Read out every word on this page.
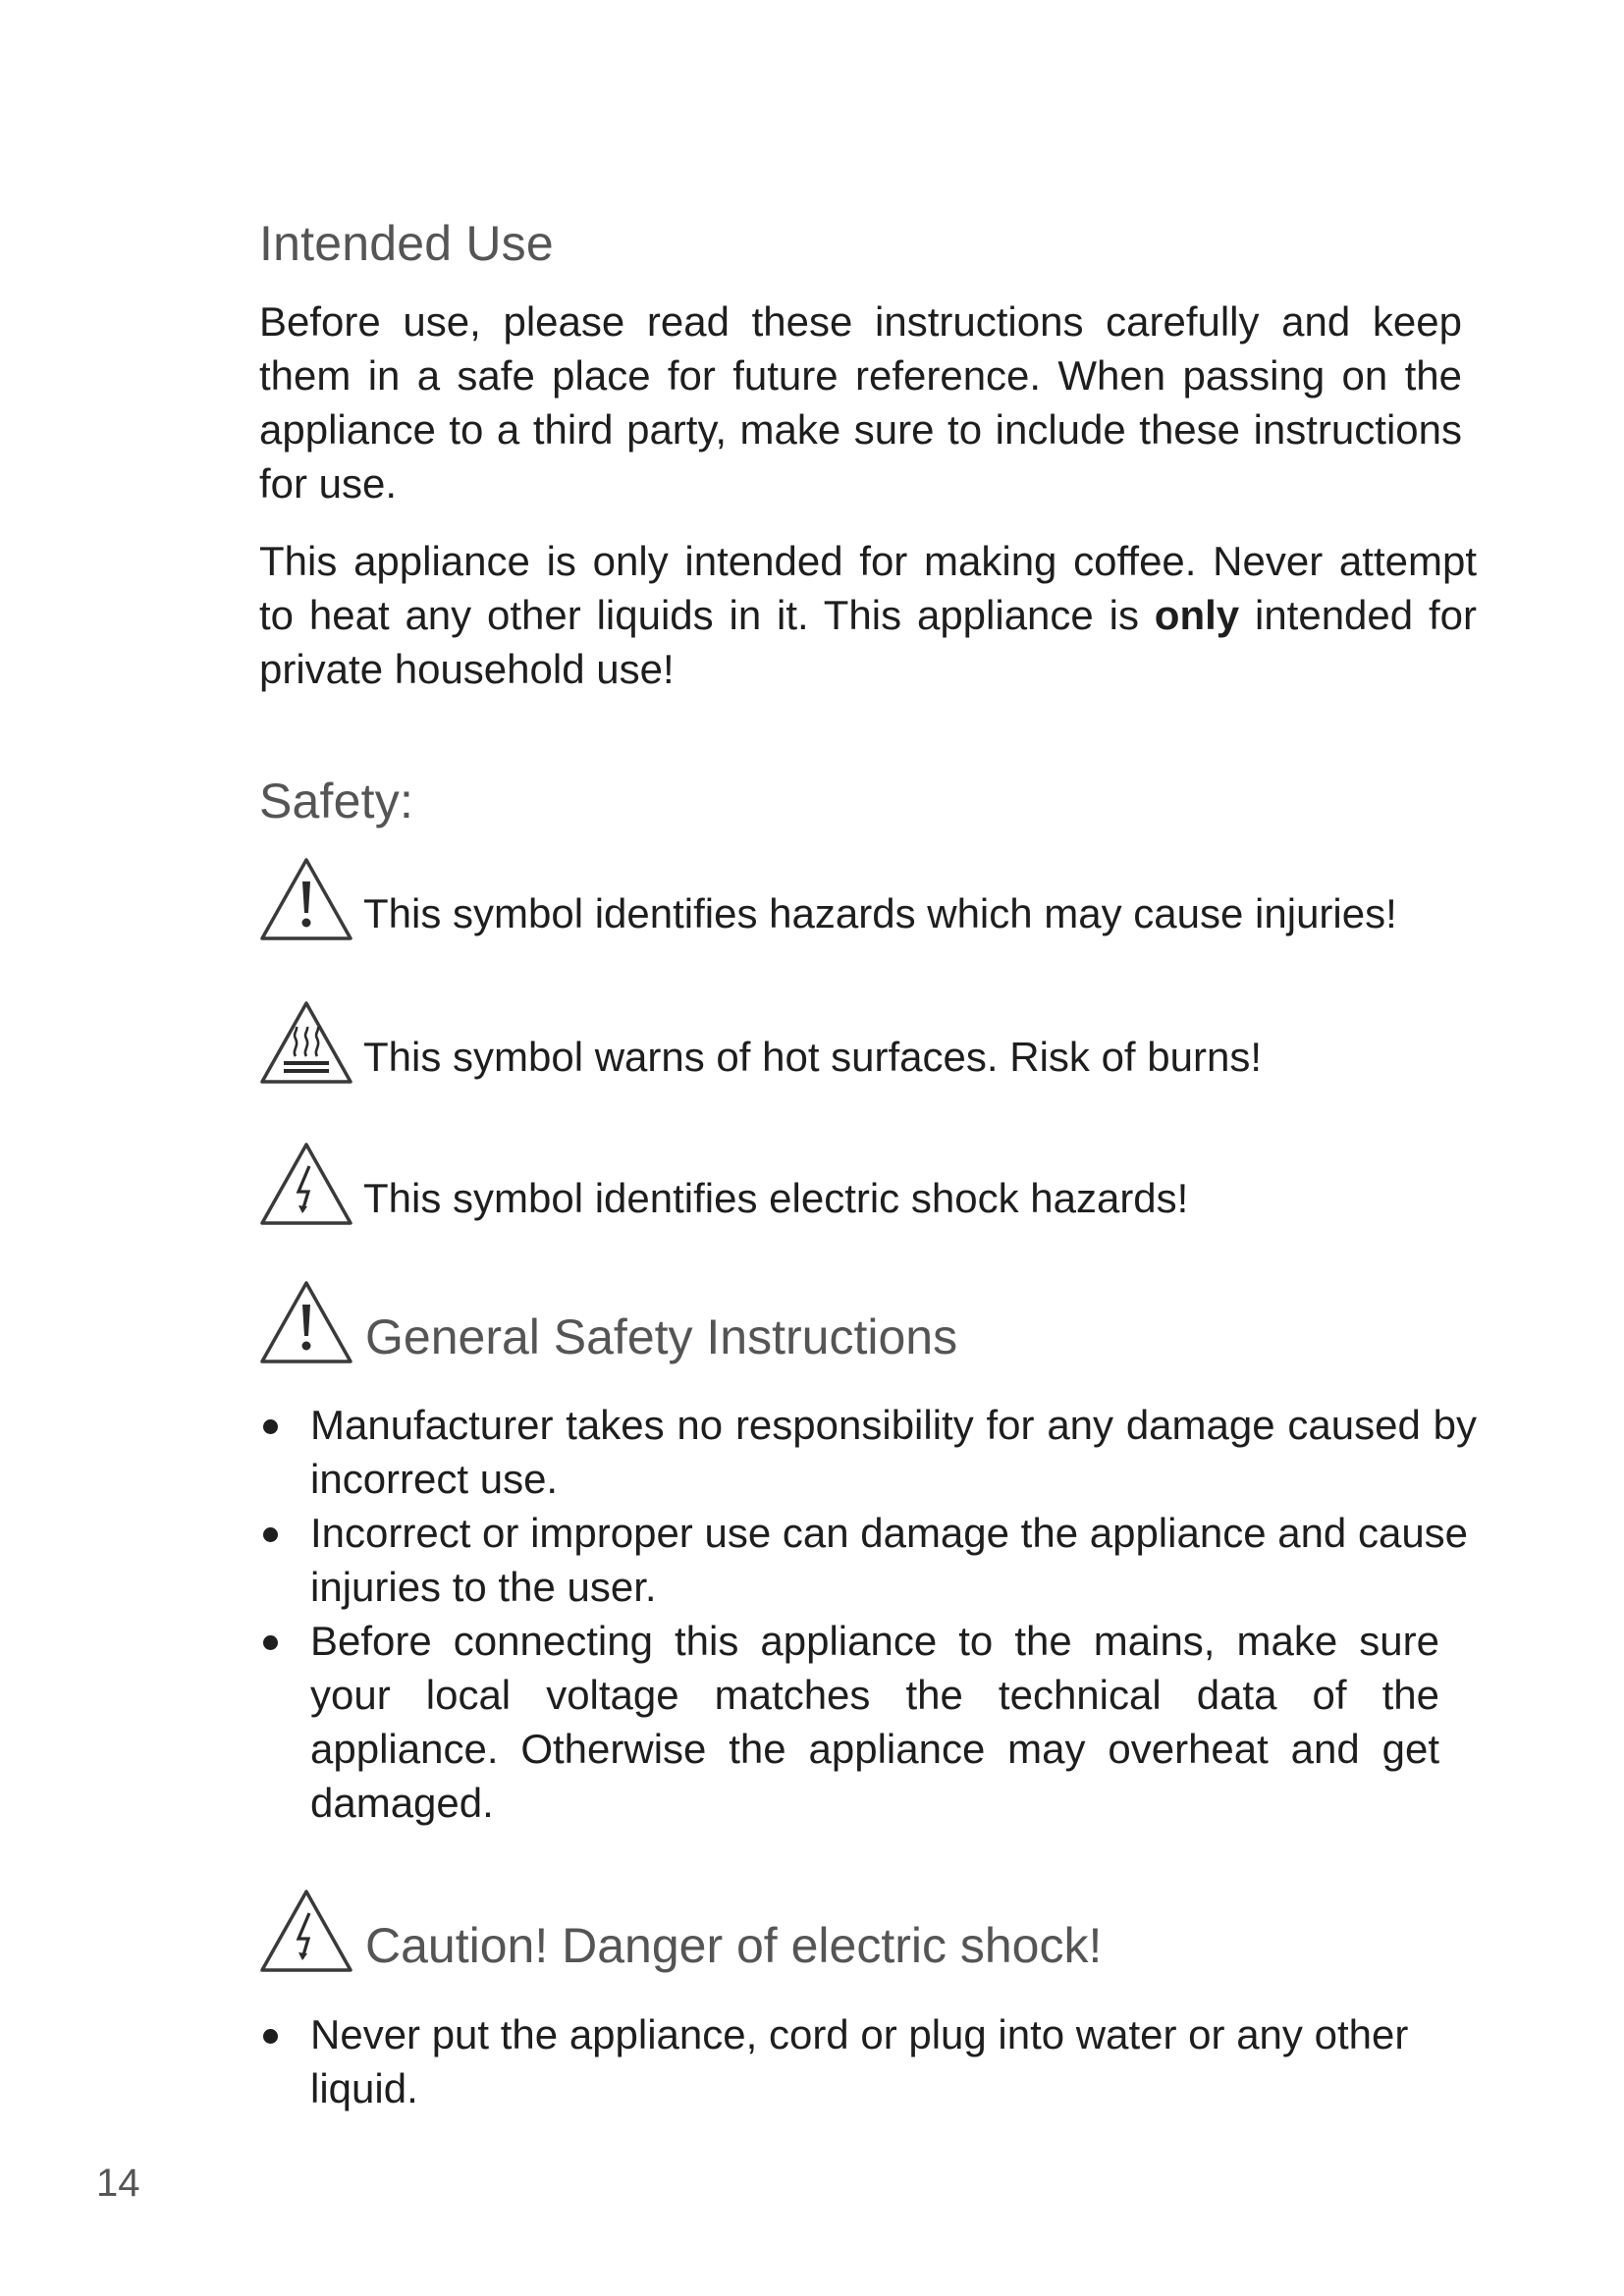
Intended Use

Before use, please read these instructions carefully and keep them in a safe place for future reference. When passing on the appliance to a third party, make sure to include these instructions for use.

This appliance is only intended for making coffee. Never attempt to heat any other liquids in it. This appliance is only intended for private household use!

Safety:
This symbol identifies hazards which may cause injuries!
This symbol warns of hot surfaces. Risk of burns!
This symbol identifies electric shock hazards!
General Safety Instructions
Manufacturer takes no responsibility for any damage caused by incorrect use.
Incorrect or improper use can damage the appliance and cause injuries to the user.
Before connecting this appliance to the mains, make sure your local voltage matches the technical data of the appliance. Otherwise the appliance may overheat and get damaged.
Caution! Danger of electric shock!
Never put the appliance, cord or plug into water or any other liquid.
14
